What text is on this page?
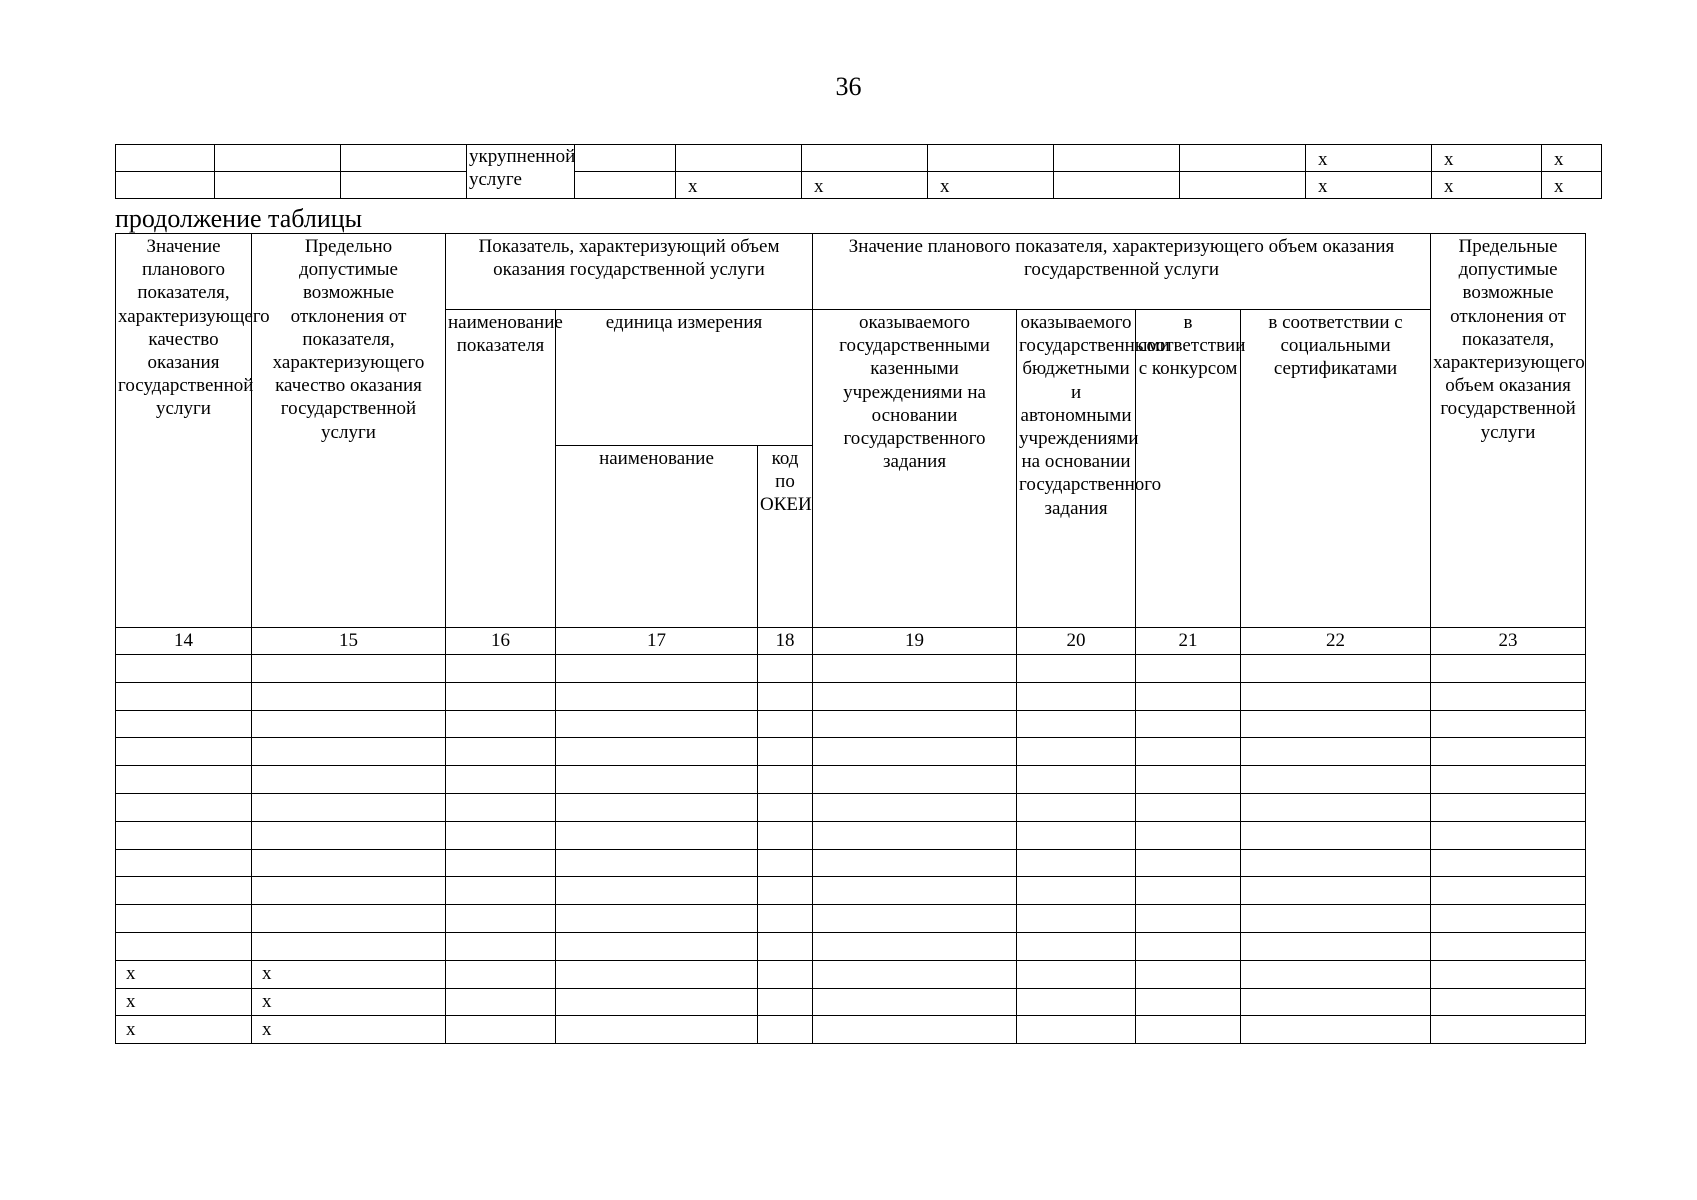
36
			укрупненной услуге							x	x	x
					x	x	x			x	x	x
продолжение таблицы
Значение планового показателя, характеризующего качество оказания государственной услуги	Предельно допустимые возможные отклонения от показателя, характеризующего качество оказания государственной услуги	Показатель, характеризующий объем оказания государственной услуги			Значение планового показателя, характеризующего объем оказания государственной услуги				Предельные допустимые возможные отклонения от показателя, характеризующего объем оказания государственной услуги
		наименование показателя	единица измерения		оказываемого государственными казенными учреждениями на основании государственного задания	оказываемого государственными бюджетными и автономными учреждениями на основании государственного задания	в соответствии с конкурсом	в соответствии с социальными сертификатами	
			наименование	код по ОКЕИ					
14	15	16	17	18	19	20	21	22	23

x	x								
x	x								
x	x								
